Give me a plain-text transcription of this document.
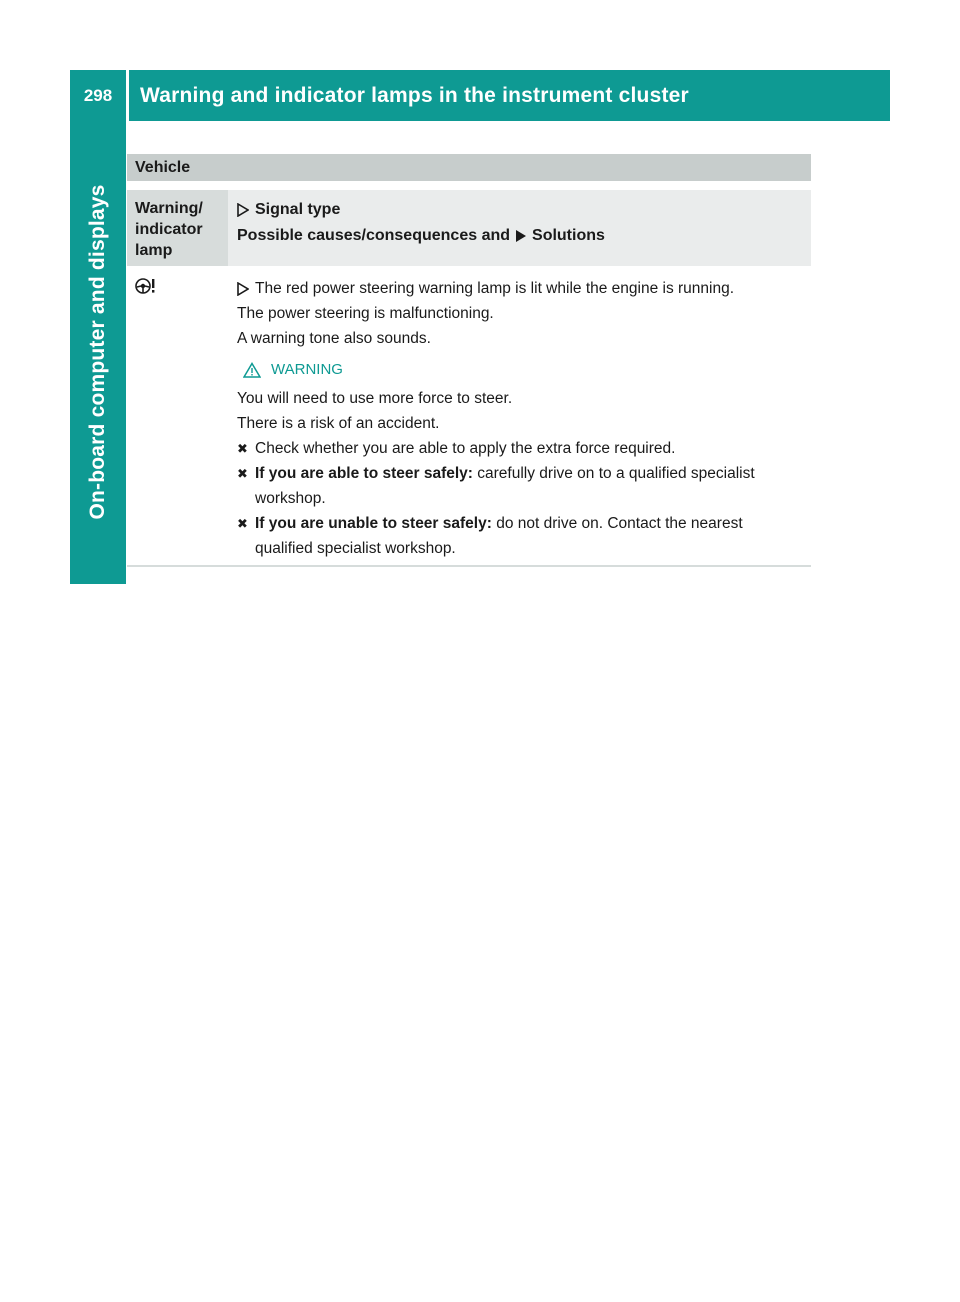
298	Warning and indicator lamps in the instrument cluster
On-board computer and displays
Vehicle
Warning/ indicator lamp
Signal type
Possible causes/consequences and Solutions
The red power steering warning lamp is lit while the engine is running.
The power steering is malfunctioning.
A warning tone also sounds.
WARNING
You will need to use more force to steer.
There is a risk of an accident.
✖ Check whether you are able to apply the extra force required.
✖ If you are able to steer safely: carefully drive on to a qualified specialist workshop.
✖ If you are unable to steer safely: do not drive on. Contact the nearest qualified specialist workshop.
